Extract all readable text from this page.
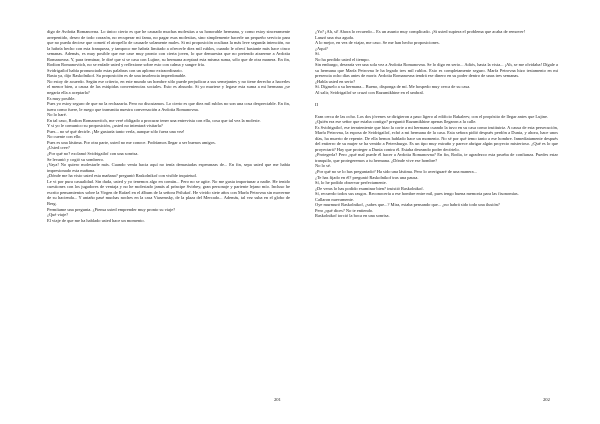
digo de Avdotia Romanovna. Lo único cierto es que he causado muchas molestias a su honorable hermana, y como estoy sinceramente arrepentido, deseo de todo corazón, no recuperar mi fama, no pagar esas molestias, sino simplemente hacerle un pequeño servicio para que no pueda decirse que cometí el atropello de causarle solamente males. Si mi proposición ocultara la más leve segunda intención, no la habría hecho con esta franqueza, y tampoco me habría limitado a ofrecerle diez mil rublos, cuando le ofrecí bastante más hace cinco semanas. Además, es muy posible que me case muy pronto con cierta joven, lo que demuestra que no pretendo atraerme a Avdotia Romanovna. Y, para terminar, le diré que si se casa con Lujine, su hermana aceptará esta misma suma, sólo que de otra manera. En fin, Rodion Romanovitch, no se enfade usted y reflexione sobre esto con calma y sangre fría.

Svidrigailof había pronunciado estas palabras con un aplomo extraordinario.

Basta ya, dijo Raskolnikof. Su proposición es de una insolencia imperdonable.

No estoy de acuerdo. Según ese criterio, en este mundo un hombre sólo puede perjudicar a sus semejantes y no tiene derecho a hacerles el menor bien, a causa de las estúpidas conveniencias sociales. Esto es absurdo. Si yo muriese y legase esta suma a mi hermana ¿se negaría ella a aceptarla?

Es muy posible.

Pues yo estoy seguro de que no la rechazaría. Pero no discutamos. Lo cierto es que diez mil rublos no son una cosa despreciable. En fin, tuera como fuere, le ruego que transmita nuestra conversación a Avdotia Romanovna.

No lo haré.

En tal caso, Rodion Romanovitch, me veré obligado a procurar tener una entrevista con ella, cosa que tal vez la moleste.

Y si yo le comunico su proposición, ¿usted no intentará visitarla?

Pues... no sé qué decirle. ¡Me gustaría tanto verla, aunque sólo fuera una vez!

No cuente con ello.

Pues es una lástima. Por otra parte, usted no me conoce. Podríamos llegar a ser buenos amigos.

¿Usted cree?

¿Por qué no? exclamó Svidrigailof con una sonrisa.

Se levantó y cogió su sombrero.

¡Vaya! No quiero molestarle más. Cuando venía hacia aquí no tenía demasiadas esperanzas de... En fin, sepa usted que me había impresionado esta mañana.

¿Dónde me ha visto usted esta mañana? preguntó Raskolnikof con visible inquietud.

Le vi por pura casualidad. Sin duda, usted y yo tenemos algo en común... Pero no se agite. No me gusta importunar a nadie. He tenido cuestiones con los jugadores de ventaja y no he molestado jamás al príncipe Svirbey, gran personaje y pariente lejano mío. Incluso he escrito pensamientos sobre la Virgen de Rafael en el álbum de la señora Prilukof. He vivido siete años con Marfa Petrovna sin moverme de su hacienda... Y antaño pasé muchas noches en la casa Viasemsky, de la plaza del Mercado... Además, tal vez suba en el globo de Berg.

Permítame una pregunta. ¿Piensa usted emprender muy pronto su viaje?

¿Qué viaje?

El viaje de que me ha hablado usted hace un momento.

201

¿Yo? ¡Ah, sí! Ahora lo recuerdo... Es un asunto muy complicado. ¡Si usted supiera el problema que acaba de remover!

Lanzó una risa aguda.

A lo mejor, en vez de viajar, me caso. Se me han hecho proposiciones.

¿Aquí?

Sí.

No ha perdido usted el tiempo.

Sin embargo, desearía ver una sola vez a Avdotia Romanovna. Se lo digo en serio... Adiós, hasta la vista... ¡Ah, se me olvidaba! Dígale a su hermana que Marfa Petrovna le ha legado tres mil rublos. Esto es completamente seguro. Marfa Petrovna hizo testamento en mi presencia ocho días antes de morir. Avdotia Romanovna tendrá ese dinero en su poder dentro de unas tres semanas.

¿Habla usted en serio?

Sí. Dígaselo a su hermana... Bueno, disponga de mí. Me hospedo muy cerca de su casa.

Al salir, Svidrigailof se cruzó con Razumikhine en el umbral.

II

Eran cerca de las ocho. Los dos jóvenes se dirigieron a paso ligero al edificio Bakaleev, con el propósito de llegar antes que Lujine.

¿Quién era ese señor que estaba contigo? preguntó Razumikhine apenas llegaron a la calle.

Es Svidrigailof, ese terrateniente que hizo la corte a mi hermana cuando la tuvo en su casa como institutriz. A causa de esta persecución, Marfa Petrovna, la esposa de Svidrigailof, echó a mi hermana de la casa. Esta señora pidió después perdón a Dunia, y ahora, hace unos días, ha muerto de repente. De ella hemos hablado hace un momento. No sé por qué temo tanto a ese hombre. Inmediatamente después del entierro de su mujer se ha venido a Petersburgo. Es un tipo muy extraño y parece abrigar algún proyecto misterioso. ¿Qué es lo que proyectará? Hay que proteger a Dunia contra él. Estaba deseando poder decírtelo.

¿Protegerla? Pero ¿qué mal puede él hacer a Avdotia Romanovna? En fin, Rodia, te agradezco esta prueba de confianza. Puedes estar tranquilo, que protegeremos a tu hermana. ¿Dónde vive ese hombre?

No lo sé.

¿Por qué no se lo has preguntado? Ha sido una lástima. Pero lo averiguaré de una manera...

¿Te has fijado en él? preguntó Raskolnikof tras una pausa.

Sí, lo he podido observar perfectamente.

¿De veras lo has podido examinar bien? insistió Raskolnikof.

Sí, recuerdo todos sus rasgos. Reconocería a ese hombre entre mil, pues tengo buena memoria para las fisonomías.

Callaron nuevamente.

Oye murmuró Raskolnikof, ¿sabes que...? Mira, estaba pensando que... ¿no habrá sido todo una ilusión?

Pero ¿qué dices? No te entiendo.

Raskolnikof torció la boca en una sonrisa.

202
